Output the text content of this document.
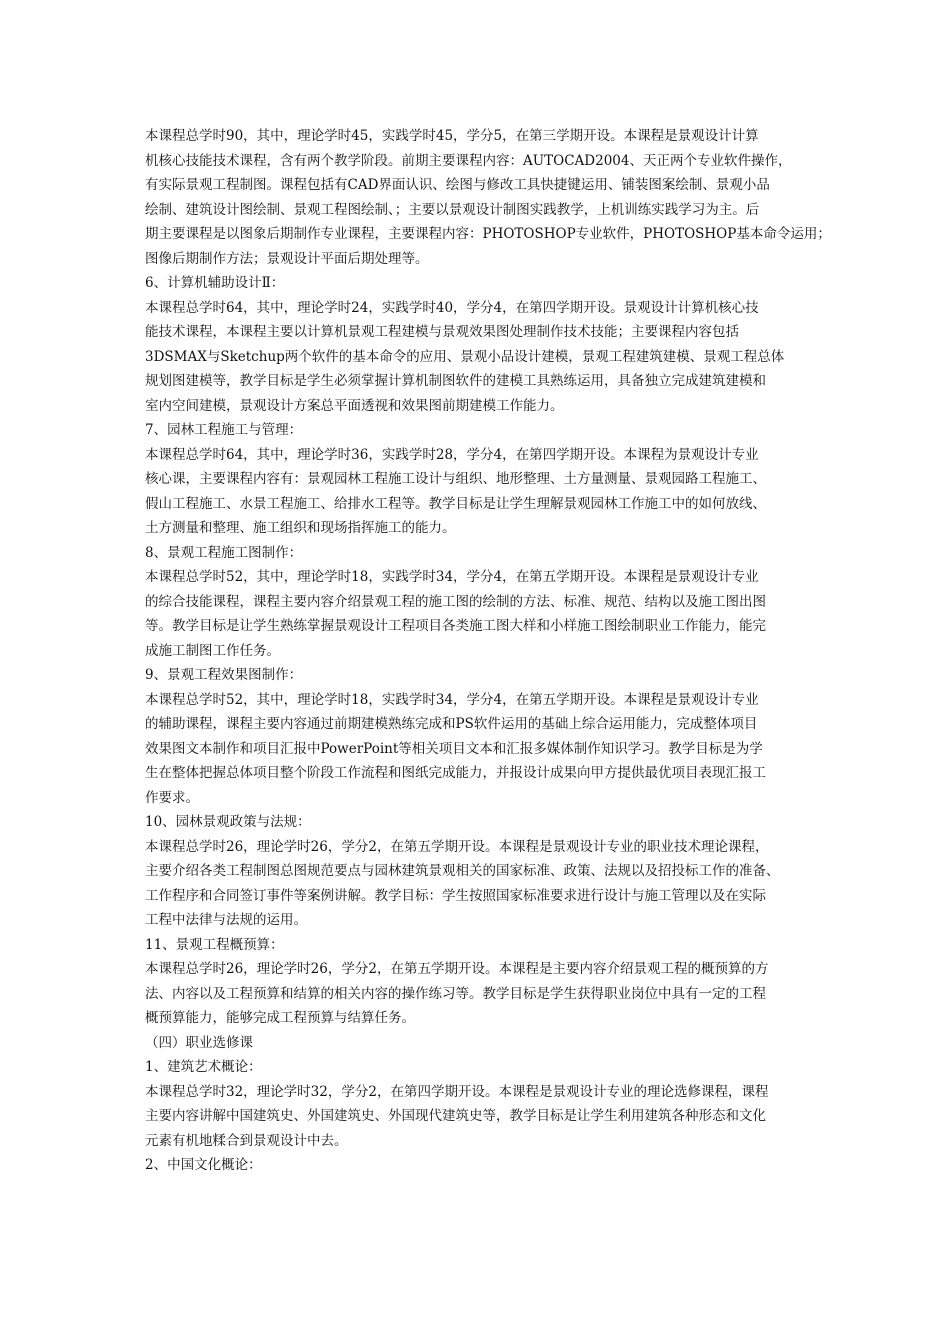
本课程总学时90，其中，理论学时45，实践学时45，学分5，在第三学期开设。本课程是景观设计计算
机核心技能技术课程，含有两个教学阶段。前期主要课程内容：AUTOCAD2004、天正两个专业软件操作，
有实际景观工程制图。课程包括有CAD界面认识、绘图与修改工具快捷键运用、铺装图案绘制、景观小品
绘制、建筑设计图绘制、景观工程图绘制、；主要以景观设计制图实践教学，上机训练实践学习为主。后
期主要课程是以图象后期制作专业课程，主要课程内容：PHOTOSHOP专业软件，PHOTOSHOP基本命令运用；
图像后期制作方法；景观设计平面后期处理等。
6、计算机辅助设计Ⅱ：
本课程总学时64，其中，理论学时24，实践学时40，学分4，在第四学期开设。景观设计计算机核心技
能技术课程，本课程主要以计算机景观工程建模与景观效果图处理制作技术技能；主要课程内容包括
3DSMAX与Sketchup两个软件的基本命令的应用、景观小品设计建模，景观工程建筑建模、景观工程总体
规划图建模等，教学目标是学生必须掌握计算机制图软件的建模工具熟练运用，具备独立完成建筑建模和
室内空间建模，景观设计方案总平面透视和效果图前期建模工作能力。
7、园林工程施工与管理：
本课程总学时64，其中，理论学时36，实践学时28，学分4，在第四学期开设。本课程为景观设计专业
核心课，主要课程内容有：景观园林工程施工设计与组织、地形整理、土方量测量、景观园路工程施工、
假山工程施工、水景工程施工、给排水工程等。教学目标是让学生理解景观园林工作施工中的如何放线、
土方测量和整理、施工组织和现场指挥施工的能力。
8、景观工程施工图制作：
本课程总学时52，其中，理论学时18，实践学时34，学分4，在第五学期开设。本课程是景观设计专业
的综合技能课程，课程主要内容介绍景观工程的施工图的绘制的方法、标准、规范、结构以及施工图出图
等。教学目标是让学生熟练掌握景观设计工程项目各类施工图大样和小样施工图绘制职业工作能力，能完
成施工制图工作任务。
9、景观工程效果图制作：
本课程总学时52，其中，理论学时18，实践学时34，学分4，在第五学期开设。本课程是景观设计专业
的辅助课程，课程主要内容通过前期建模熟练完成和PS软件运用的基础上综合运用能力，完成整体项目
效果图文本制作和项目汇报中PowerPoint等相关项目文本和汇报多媒体制作知识学习。教学目标是为学
生在整体把握总体项目整个阶段工作流程和图纸完成能力，并报设计成果向甲方提供最优项目表现汇报工
作要求。
10、园林景观政策与法规：
本课程总学时26，理论学时26，学分2，在第五学期开设。本课程是景观设计专业的职业技术理论课程，
主要介绍各类工程制图总图规范要点与园林建筑景观相关的国家标准、政策、法规以及招投标工作的准备、
工作程序和合同签订事件等案例讲解。教学目标：学生按照国家标准要求进行设计与施工管理以及在实际
工程中法律与法规的运用。
11、景观工程概预算：
本课程总学时26，理论学时26，学分2，在第五学期开设。本课程是主要内容介绍景观工程的概预算的方
法、内容以及工程预算和结算的相关内容的操作练习等。教学目标是学生获得职业岗位中具有一定的工程
概预算能力，能够完成工程预算与结算任务。
（四）职业选修课
1、建筑艺术概论：
本课程总学时32，理论学时32，学分2，在第四学期开设。本课程是景观设计专业的理论选修课程，课程
主要内容讲解中国建筑史、外国建筑史、外国现代建筑史等，教学目标是让学生利用建筑各种形态和文化
元素有机地糅合到景观设计中去。
2、中国文化概论：
